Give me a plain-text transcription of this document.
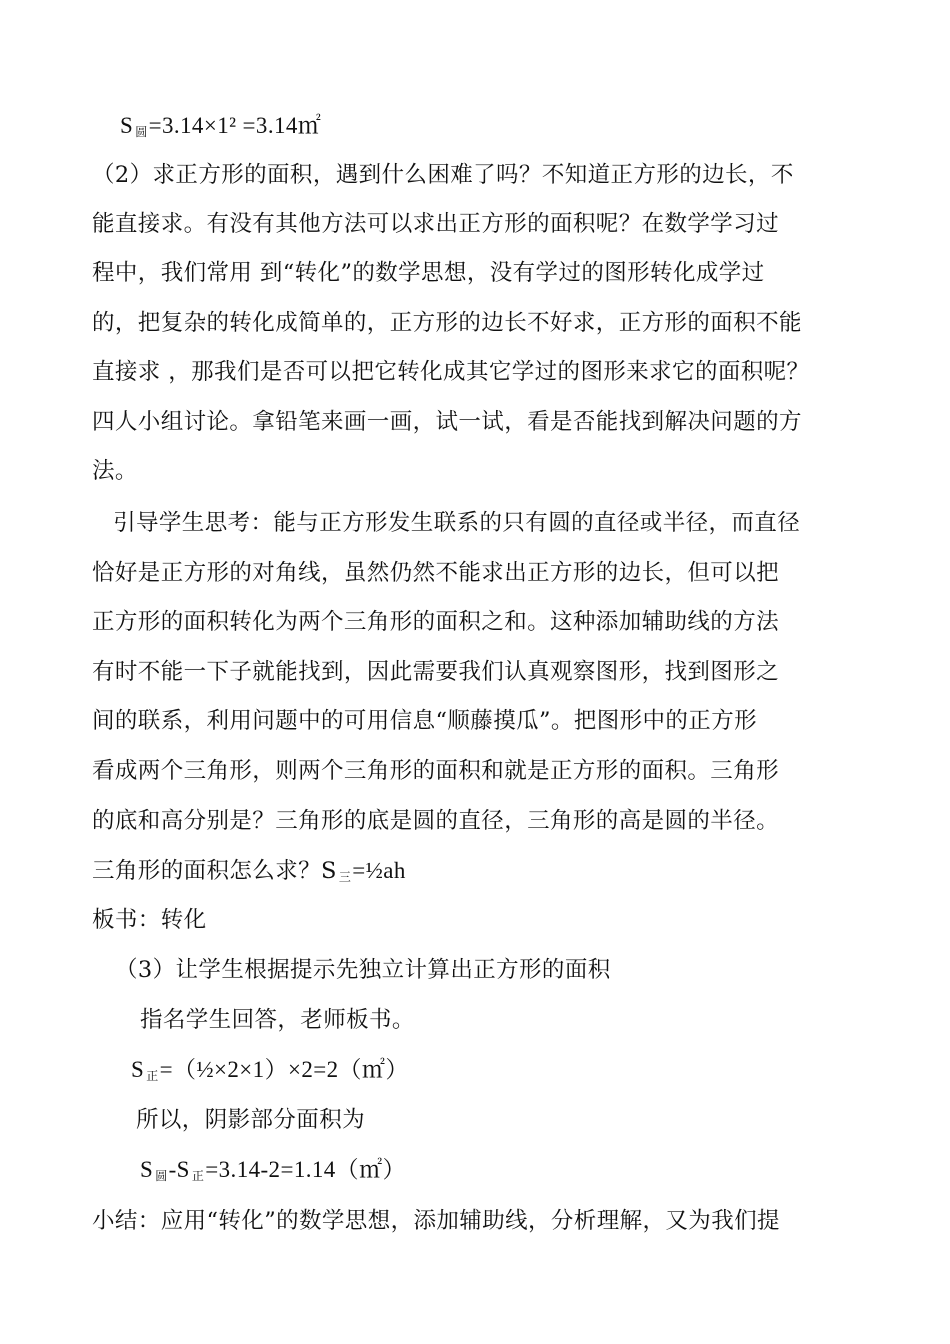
S $_圆$=3.14×1² =3.14㎡
（2）求正方形的面积，遇到什么困难了吗？不知道正方形的边长，不
能直接求。有没有其他方法可以求出正方形的面积呢？在数学学习过
程中，我们常用 到“转化”的数学思想，没有学过的图形转化成学过
的，把复杂的转化成简单的，正方形的边长不好求，正方形的面积不能
直接求 ，那我们是否可以把它转化成其它学过的图形来求它的面积呢？
四人小组讨论。拿铅笔来画一画，试一试，看是否能找到解决问题的方
法。
引导学生思考：能与正方形发生联系的只有圆的直径或半径，而直径
恰好是正方形的对角线，虽然仍然不能求出正方形的边长，但可以把
正方形的面积转化为两个三角形的面积之和。这种添加辅助线的方法
有时不能一下子就能找到，因此需要我们认真观察图形，找到图形之
间的联系，利用问题中的可用信息“顺藤摸瓜”。把图形中的正方形
看成两个三角形，则两个三角形的面积和就是正方形的面积。三角形
的底和高分别是？三角形的底是圆的直径，三角形的高是圆的半径。
三角形的面积怎么求？S $_三$=½ah
板书：转化
（3）让学生根据提示先独立计算出正方形的面积
指名学生回答，老师板书。
S $_正$=（½×2×1）×2=2（㎡）
所以，阴影部分面积为
S $_圆$-S $_正$=3.14-2=1.14（㎡）
小结：应用“转化”的数学思想，添加辅助线，分析理解，又为我们提
